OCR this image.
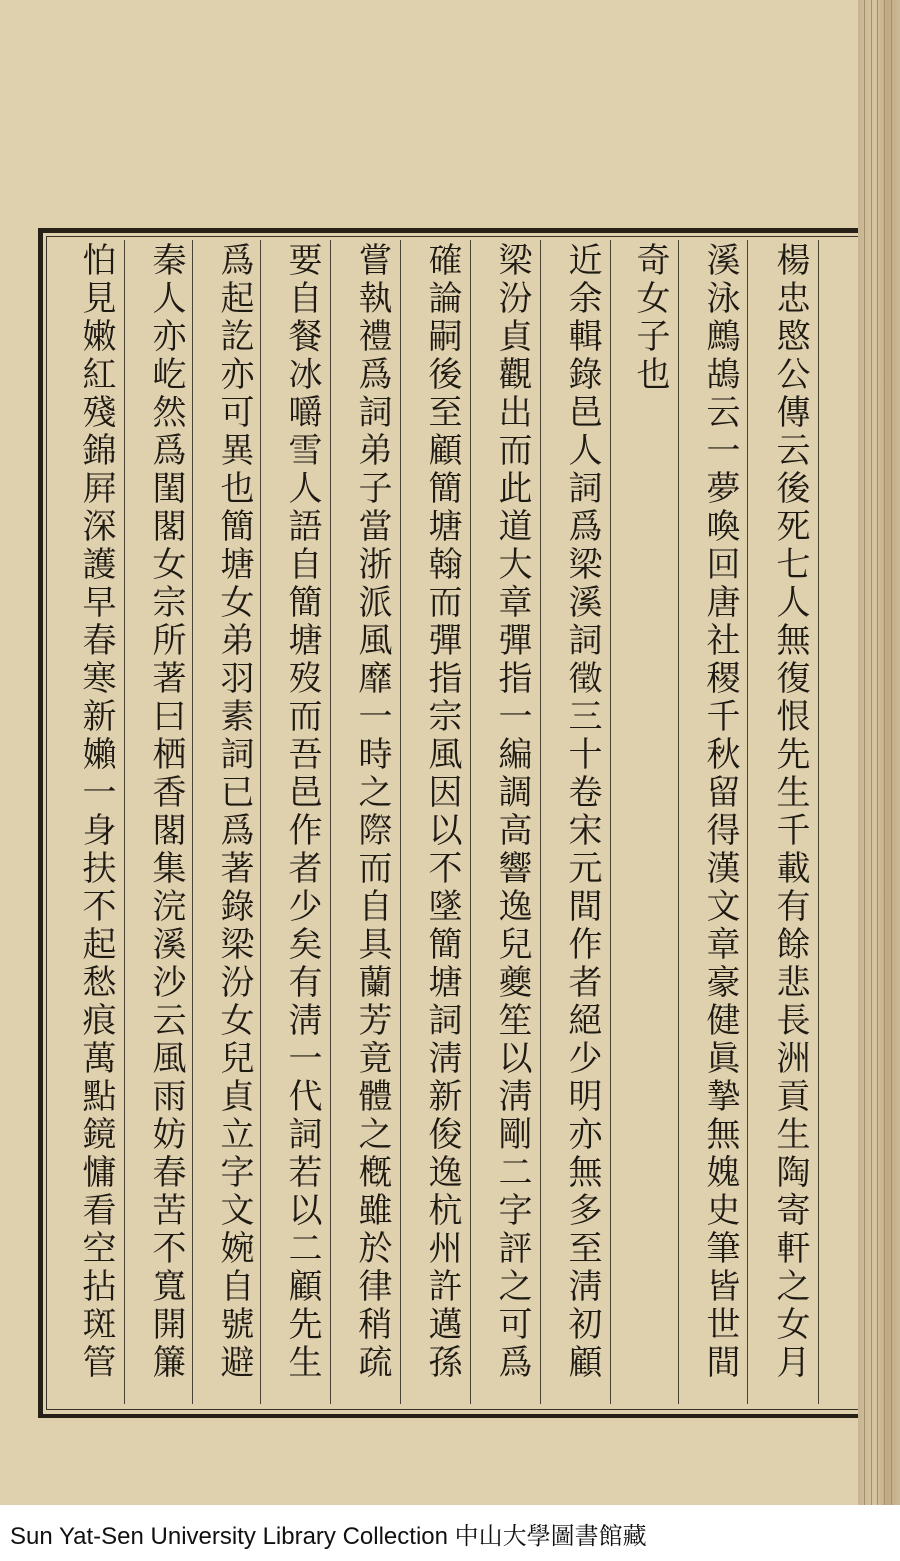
楊忠愍公傳云後死七人無復恨先生千載有餘悲長洲貢生陶寄軒之女月
溪泳鷓鴣云一夢喚回唐社稷千秋留得漢文章豪健眞摯無媿史筆皆世間
奇女子也
近余輯錄邑人詞爲梁溪詞徵三十卷宋元間作者絕少明亦無多至淸初顧
梁汾貞觀出而此道大章彈指一編調高響逸兒夔笙以淸剛二字評之可爲
確論嗣後至顧簡塘翰而彈指宗風因以不墜簡塘詞淸新俊逸杭州許邁孫
嘗執禮爲詞弟子當浙派風靡一時之際而自具蘭芳竟體之槪雖於律稍疏
要自餐冰嚼雪人語自簡塘歿而吾邑作者少矣有淸一代詞若以二顧先生
爲起訖亦可異也簡塘女弟羽素詞已爲著錄梁汾女兒貞立字文婉自號避
秦人亦屹然爲閨閣女宗所著曰栖香閣集浣溪沙云風雨妨春苦不寬開簾
怕見嫩紅殘錦屛深護早春寒新嬾一身扶不起愁痕萬點鏡慵看空拈斑管
Sun Yat-Sen University Library Collection 中山大學圖書館藏
